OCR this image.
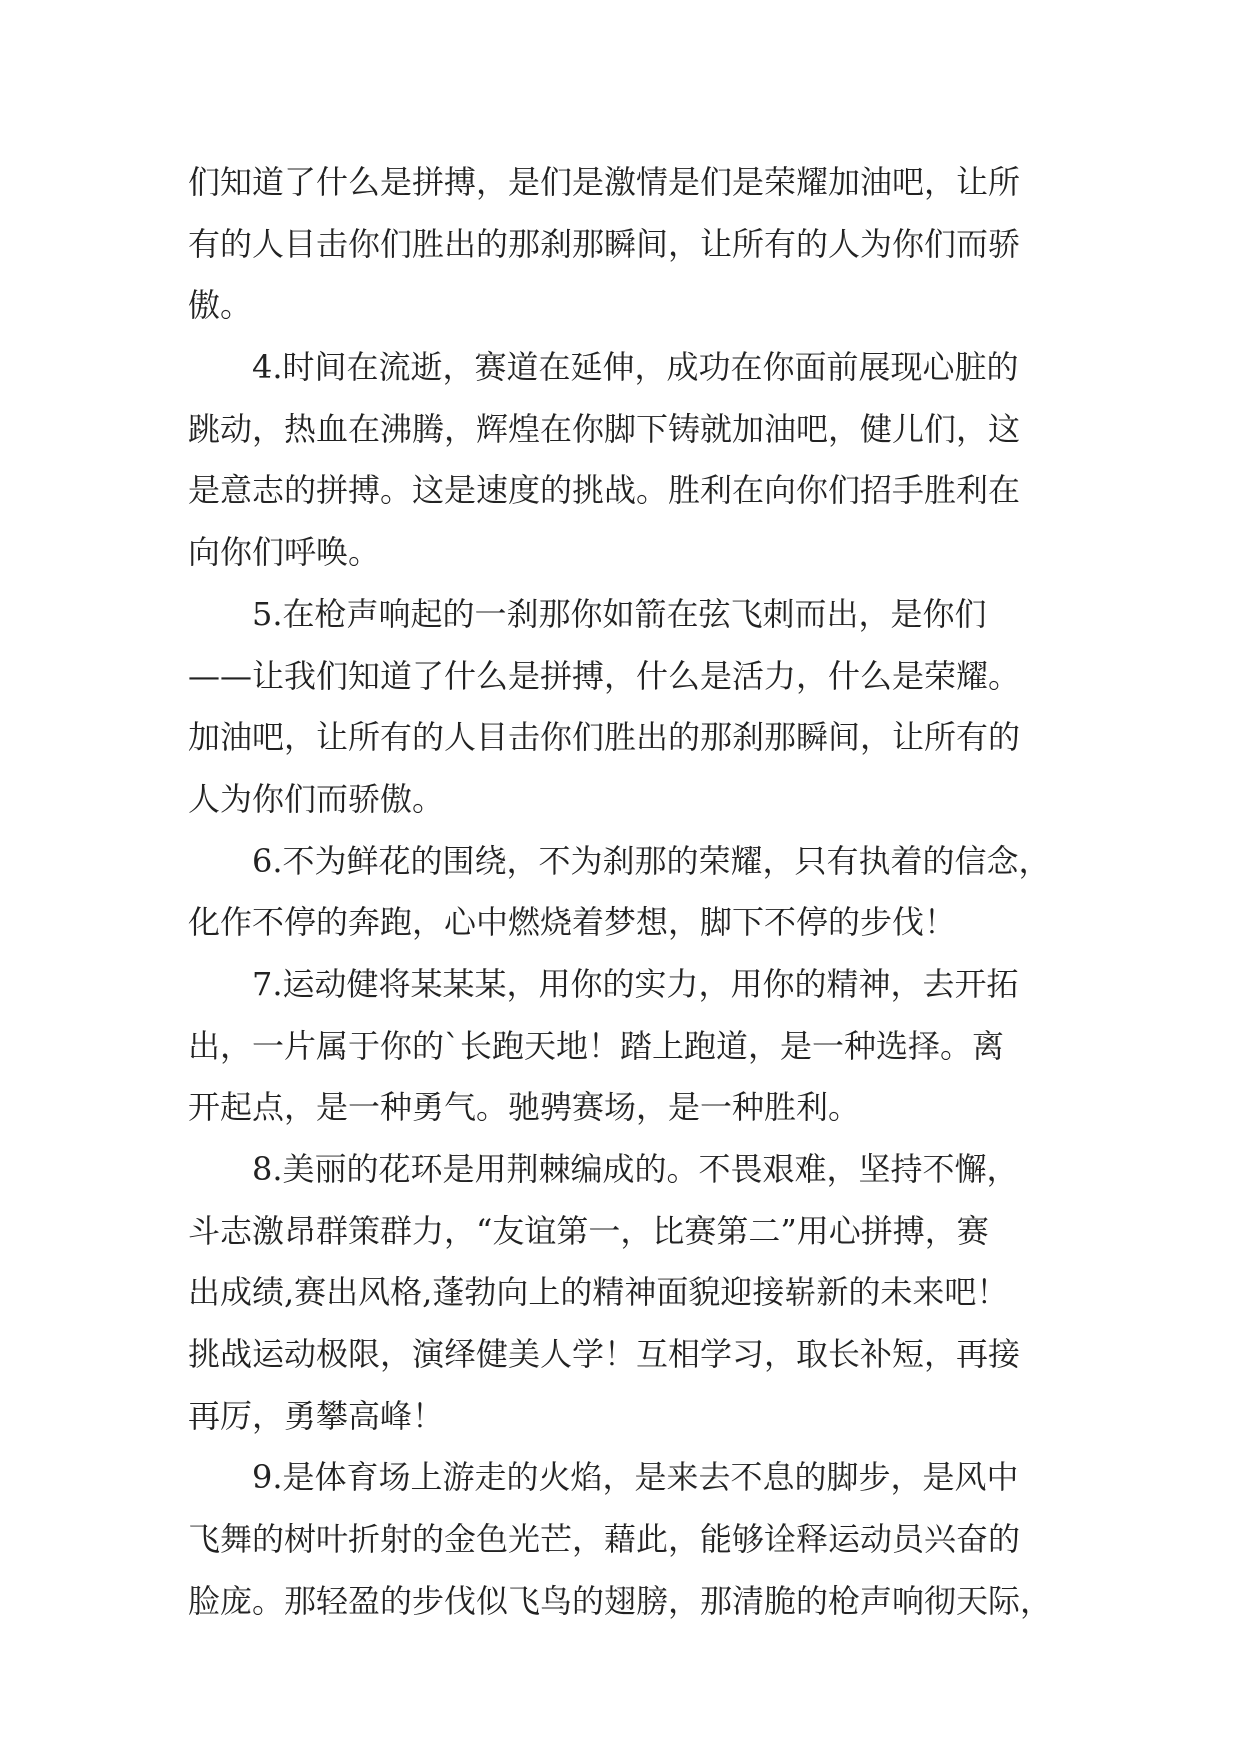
们知道了什么是拼搏，是们是激情是们是荣耀加油吧，让所
有的人目击你们胜出的那刹那瞬间，让所有的人为你们而骄
傲。
4.时间在流逝，赛道在延伸，成功在你面前展现心脏的
跳动，热血在沸腾，辉煌在你脚下铸就加油吧，健儿们，这
是意志的拼搏。这是速度的挑战。胜利在向你们招手胜利在
向你们呼唤。
5.在枪声响起的一刹那你如箭在弦飞刺而出，是你们
——让我们知道了什么是拼搏，什么是活力，什么是荣耀。
加油吧，让所有的人目击你们胜出的那刹那瞬间，让所有的
人为你们而骄傲。
6.不为鲜花的围绕，不为刹那的荣耀，只有执着的信念，
化作不停的奔跑，心中燃烧着梦想，脚下不停的步伐！
7.运动健将某某某，用你的实力，用你的精神，去开拓
出，一片属于你的`长跑天地！踏上跑道，是一种选择。离
开起点，是一种勇气。驰骋赛场，是一种胜利。
8.美丽的花环是用荆棘编成的。不畏艰难，坚持不懈，
斗志激昂群策群力，“友谊第一，比赛第二”用心拼搏，赛
出成绩,赛出风格,蓬勃向上的精神面貌迎接崭新的未来吧！
挑战运动极限，演绎健美人学！互相学习，取长补短，再接
再厉，勇攀高峰！
9.是体育场上游走的火焰，是来去不息的脚步，是风中
飞舞的树叶折射的金色光芒，藉此，能够诠释运动员兴奋的
脸庞。那轻盈的步伐似飞鸟的翅膀，那清脆的枪声响彻天际，
